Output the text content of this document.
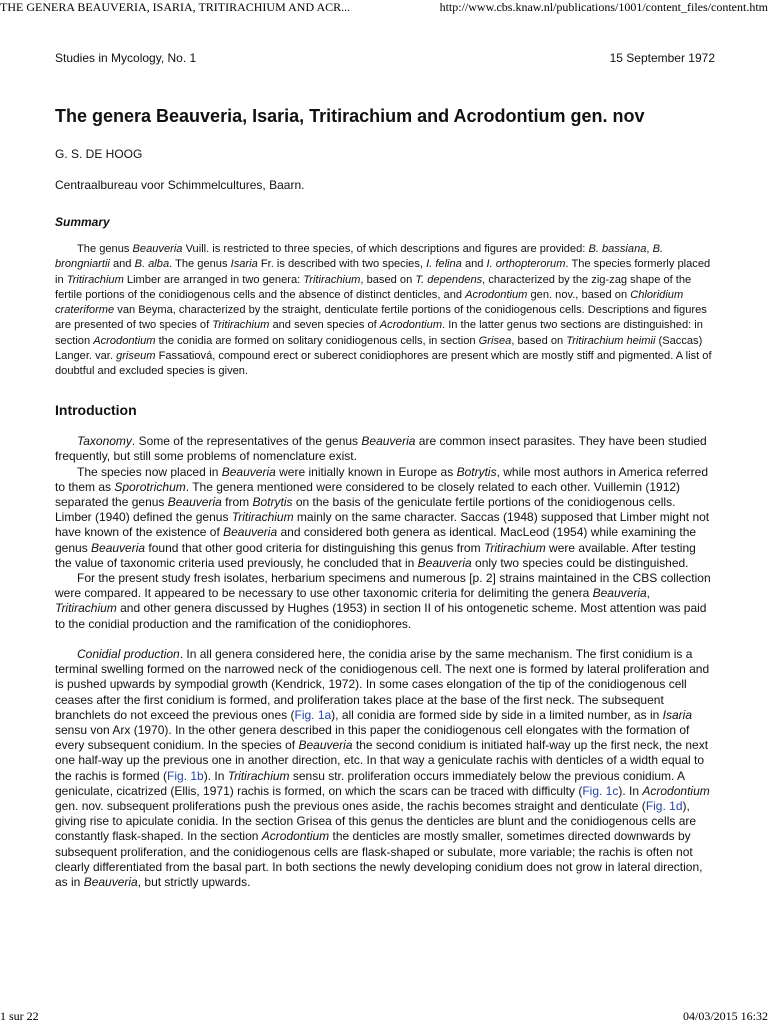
THE GENERA BEAUVERIA, ISARIA, TRITIRACHIUM AND ACR...	http://www.cbs.knaw.nl/publications/1001/content_files/content.htm
Studies in Mycology, No. 1	15 September 1972
The genera Beauveria, Isaria, Tritirachium and Acrodontium gen. nov
G. S. DE HOOG
Centraalbureau voor Schimmelcultures, Baarn.
Summary

The genus Beauveria Vuill. is restricted to three species, of which descriptions and figures are provided: B. bassiana, B. brongniartii and B. alba. The genus Isaria Fr. is described with two species, I. felina and I. orthopterorum. The species formerly placed in Tritirachium Limber are arranged in two genera: Tritirachium, based on T. dependens, characterized by the zig-zag shape of the fertile portions of the conidiogenous cells and the absence of distinct denticles, and Acrodontium gen. nov., based on Chloridium crateriforme van Beyma, characterized by the straight, denticulate fertile portions of the conidiogenous cells. Descriptions and figures are presented of two species of Tritirachium and seven species of Acrodontium. In the latter genus two sections are distinguished: in section Acrodontium the conidia are formed on solitary conidiogenous cells, in section Grisea, based on Tritirachium heimii (Saccas) Langer. var. griseum Fassatiová, compound erect or suberect conidiophores are present which are mostly stiff and pigmented. A list of doubtful and excluded species is given.

Introduction

Taxonomy. Some of the representatives of the genus Beauveria are common insect parasites. They have been studied frequently, but still some problems of nomenclature exist.

The species now placed in Beauveria were initially known in Europe as Botrytis, while most authors in America referred to them as Sporotrichum. The genera mentioned were considered to be closely related to each other. Vuillemin (1912) separated the genus Beauveria from Botrytis on the basis of the geniculate fertile portions of the conidiogenous cells. Limber (1940) defined the genus Tritirachium mainly on the same character. Saccas (1948) supposed that Limber might not have known of the existence of Beauveria and considered both genera as identical. MacLeod (1954) while examining the genus Beauveria found that other good criteria for distinguishing this genus from Tritirachium were available. After testing the value of taxonomic criteria used previously, he concluded that in Beauveria only two species could be distinguished.

For the present study fresh isolates, herbarium specimens and numerous [p. 2] strains maintained in the CBS collection were compared. It appeared to be necessary to use other taxonomic criteria for delimiting the genera Beauveria, Tritirachium and other genera discussed by Hughes (1953) in section II of his ontogenetic scheme. Most attention was paid to the conidial production and the ramification of the conidiophores.

Conidial production. In all genera considered here, the conidia arise by the same mechanism. The first conidium is a terminal swelling formed on the narrowed neck of the conidiogenous cell. The next one is formed by lateral proliferation and is pushed upwards by sympodial growth (Kendrick, 1972). In some cases elongation of the tip of the conidiogenous cell ceases after the first conidium is formed, and proliferation takes place at the base of the first neck. The subsequent branchlets do not exceed the previous ones (Fig. 1a), all conidia are formed side by side in a limited number, as in Isaria sensu von Arx (1970). In the other genera described in this paper the conidiogenous cell elongates with the formation of every subsequent conidium. In the species of Beauveria the second conidium is initiated half-way up the first neck, the next one half-way up the previous one in another direction, etc. In that way a geniculate rachis with denticles of a width equal to the rachis is formed (Fig. 1b). In Tritirachium sensu str. proliferation occurs immediately below the previous conidium. A geniculate, cicatrized (Ellis, 1971) rachis is formed, on which the scars can be traced with difficulty (Fig. 1c). In Acrodontium gen. nov. subsequent proliferations push the previous ones aside, the rachis becomes straight and denticulate (Fig. 1d), giving rise to apiculate conidia. In the section Grisea of this genus the denticles are blunt and the conidiogenous cells are constantly flask-shaped. In the section Acrodontium the denticles are mostly smaller, sometimes directed downwards by subsequent proliferation, and the conidiogenous cells are flask-shaped or subulate, more variable; the rachis is often not clearly differentiated from the basal part. In both sections the newly developing conidium does not grow in lateral direction, as in Beauveria, but strictly upwards.

1 sur 22	04/03/2015 16:32
